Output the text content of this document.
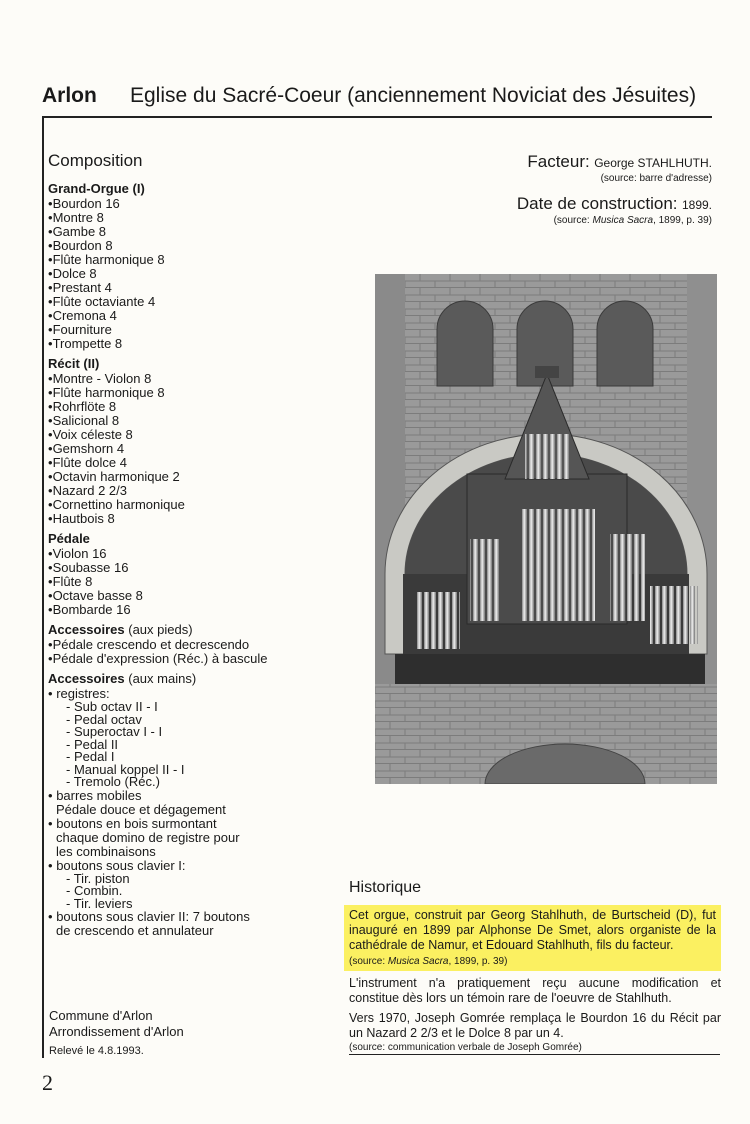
Arlon Eglise du Sacré-Coeur (anciennement Noviciat des Jésuites)
Composition
Grand-Orgue (I)
• Bourdon 16
• Montre 8
• Gambe 8
• Bourdon 8
• Flûte harmonique 8
• Dolce 8
• Prestant 4
• Flûte octaviante 4
• Cremona 4
• Fourniture
• Trompette 8
Récit (II)
• Montre - Violon 8
• Flûte harmonique 8
• Rohrflöte 8
• Salicional 8
• Voix céleste 8
• Gemshorn 4
• Flûte dolce 4
• Octavin harmonique 2
• Nazard 2 2/3
• Cornettino harmonique
• Hautbois 8
Pédale
• Violon 16
• Soubasse 16
• Flûte 8
• Octave basse 8
• Bombarde 16
Accessoires (aux pieds)
• Pédale crescendo et decrescendo
• Pédale d'expression (Réc.) à bascule
Accessoires (aux mains)
• registres:
- Sub octav II - I
- Pedal octav
- Superoctav I - I
- Pedal II
- Pedal I
- Manual koppel II - I
- Tremolo (Réc.)
• barres mobiles
Pédale douce et dégagement
• boutons en bois surmontant
chaque domino de registre pour
les combinaisons
• boutons sous clavier I:
- Tir. piston
- Combin.
- Tir. leviers
• boutons sous clavier II: 7 boutons
de crescendo et annulateur
Commune d'Arlon
Arrondissement d'Arlon
Relevé le 4.8.1993.
2
Facteur: George STAHLHUTH.
(source: barre d'adresse)
Date de construction: 1899.
(source: Musica Sacra, 1899, p. 39)
Historique
Cet orgue, construit par Georg Stahlhuth, de Burtscheid (D), fut inauguré en 1899 par Alphonse De Smet, alors organiste de la cathédrale de Namur, et Edouard Stahlhuth, fils du facteur.
(source: Musica Sacra, 1899, p. 39)
L'instrument n'a pratiquement reçu aucune modification et constitue dès lors un témoin rare de l'oeuvre de Stahlhuth.
Vers 1970, Joseph Gomrée remplaça le Bourdon 16 du Récit par un Nazard 2 2/3 et le Dolce 8 par un 4.
(source: communication verbale de Joseph Gomrée)
